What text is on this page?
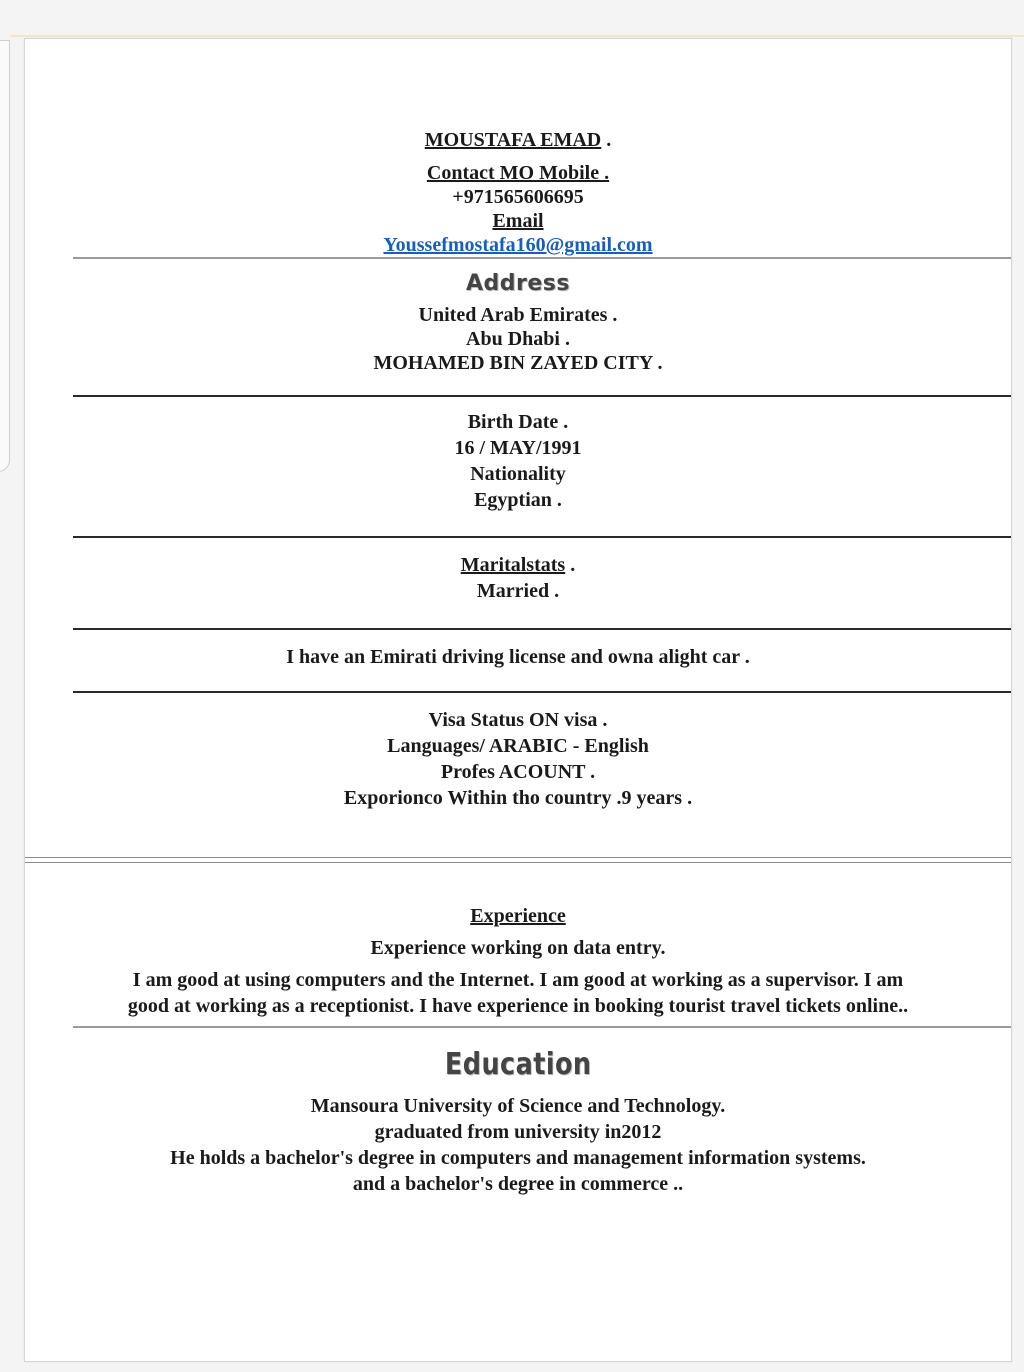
MOUSTAFA EMAD .
Contact MO Mobile .
+971565606695
Email
Youssefmostafa160@gmail.com
Address
United Arab Emirates .
Abu Dhabi .
MOHAMED BIN ZAYED CITY .
Birth Date .
16 / MAY/1991
Nationality
Egyptian .
Maritalstats .
Married .
I have an Emirati driving license and owna alight car .
Visa Status ON visa .
Languages/ ARABIC - English
Profes ACOUNT .
Exporionco Within tho country .9 years .
Experience
Experience working on data entry.
I am good at using computers and the Internet. I am good at working as a supervisor. I am
good at working as a receptionist. I have experience in booking tourist travel tickets online..
Education
Mansoura University of Science and Technology.
graduated from university in2012
He holds a bachelor's degree in computers and management information systems.
and a bachelor's degree in commerce ..
